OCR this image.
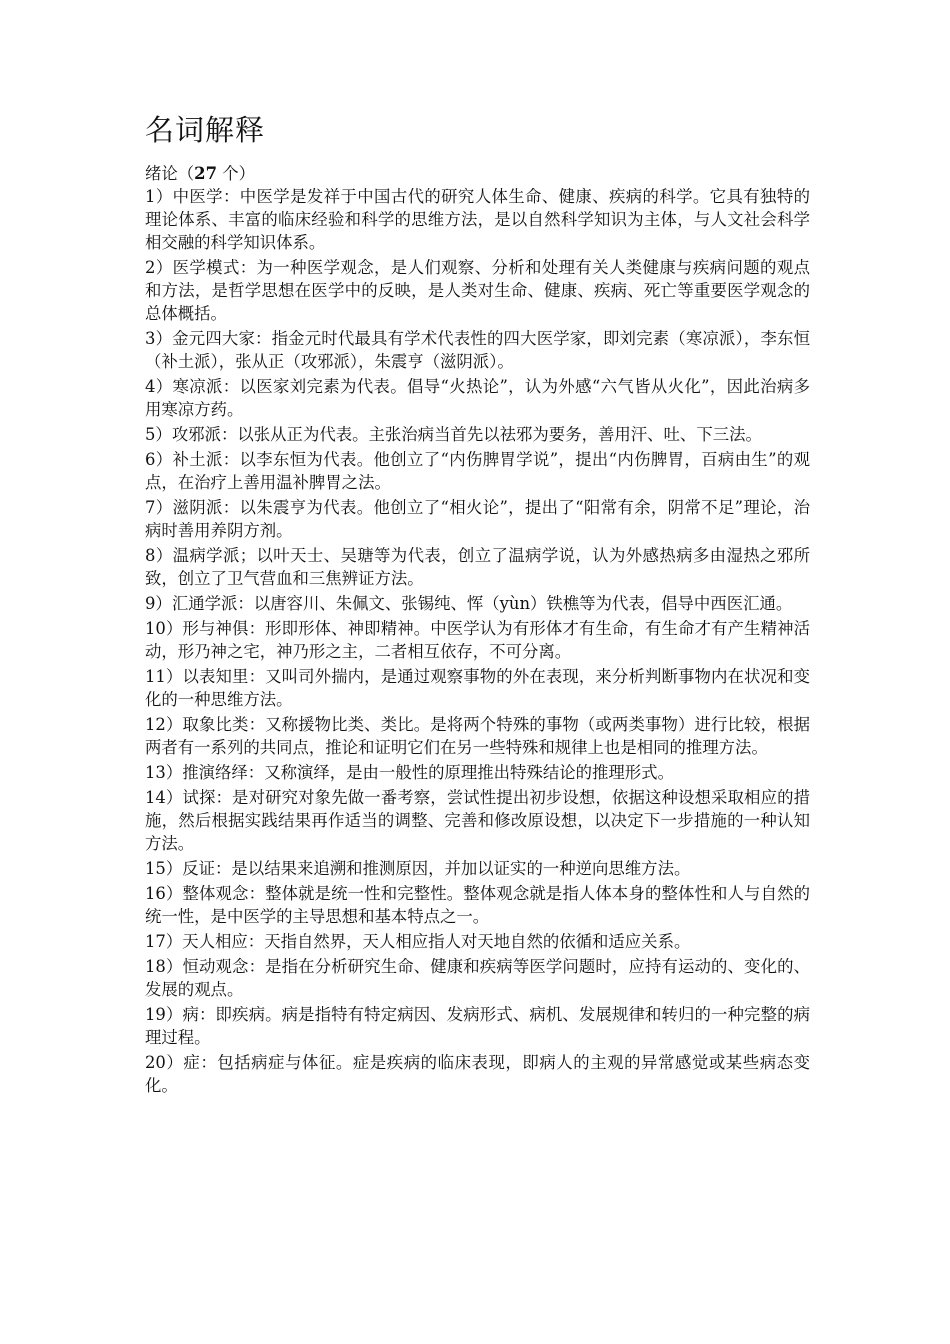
名词解释

绪论（27 个）

1）中医学：中医学是发祥于中国古代的研究人体生命、健康、疾病的科学。它具有独特的理论体系、丰富的临床经验和科学的思维方法，是以自然科学知识为主体，与人文社会科学相交融的科学知识体系。

2）医学模式：为一种医学观念，是人们观察、分析和处理有关人类健康与疾病问题的观点和方法，是哲学思想在医学中的反映，是人类对生命、健康、疾病、死亡等重要医学观念的总体概括。

3）金元四大家：指金元时代最具有学术代表性的四大医学家，即刘完素（寒凉派），李东恒（补土派），张从正（攻邪派），朱震亨（滋阴派）。

4）寒凉派：以医家刘完素为代表。倡导“火热论”，认为外感“六气皆从火化”，因此治病多用寒凉方药。

5）攻邪派：以张从正为代表。主张治病当首先以祛邪为要务，善用汗、吐、下三法。

6）补土派：以李东恒为代表。他创立了“内伤脾胃学说”，提出“内伤脾胃，百病由生”的观点，在治疗上善用温补脾胃之法。

7）滋阴派：以朱震亨为代表。他创立了“相火论”，提出了“阳常有余，阴常不足”理论，治病时善用养阴方剂。

8）温病学派；以叶天士、吴瑭等为代表，创立了温病学说，认为外感热病多由湿热之邪所致，创立了卫气营血和三焦辨证方法。

9）汇通学派：以唐容川、朱佩文、张锡纯、恽（yùn）铁樵等为代表，倡导中西医汇通。

10）形与神俱：形即形体、神即精神。中医学认为有形体才有生命，有生命才有产生精神活动，形乃神之宅，神乃形之主，二者相互依存，不可分离。

11）以表知里：又叫司外揣内，是通过观察事物的外在表现，来分析判断事物内在状况和变化的一种思维方法。

12）取象比类：又称援物比类、类比。是将两个特殊的事物（或两类事物）进行比较，根据两者有一系列的共同点，推论和证明它们在另一些特殊和规律上也是相同的推理方法。

13）推演络绎：又称演绎，是由一般性的原理推出特殊结论的推理形式。

14）试探：是对研究对象先做一番考察，尝试性提出初步设想，依据这种设想采取相应的措施，然后根据实践结果再作适当的调整、完善和修改原设想，以决定下一步措施的一种认知方法。

15）反证：是以结果来追溯和推测原因，并加以证实的一种逆向思维方法。

16）整体观念：整体就是统一性和完整性。整体观念就是指人体本身的整体性和人与自然的统一性，是中医学的主导思想和基本特点之一。

17）天人相应：天指自然界，天人相应指人对天地自然的依循和适应关系。

18）恒动观念：是指在分析研究生命、健康和疾病等医学问题时，应持有运动的、变化的、发展的观点。

19）病：即疾病。病是指特有特定病因、发病形式、病机、发展规律和转归的一种完整的病理过程。

20）症：包括病症与体征。症是疾病的临床表现，即病人的主观的异常感觉或某些病态变化。
